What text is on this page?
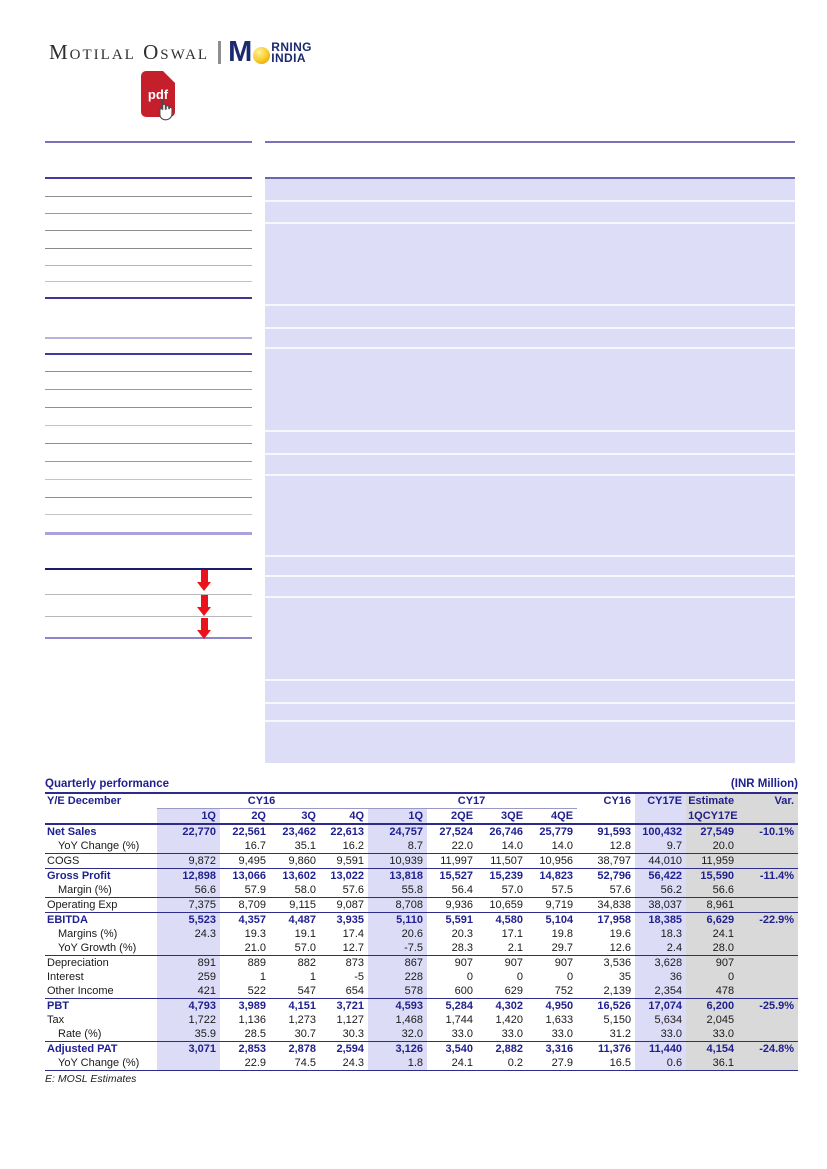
Motilal Oswal M RNING
INDIA
pdf
Quarterly performance	(INR Million)
Y/E December	CY16				CY17				CY16	CY17E	Estimate	Var.
	1Q	2Q	3Q	4Q	1Q	2QE	3QE	4QE			1QCY17E	
Net Sales	22,770	22,561	23,462	22,613	24,757	27,524	26,746	25,779	91,593	100,432	27,549	-10.1%
YoY Change (%)		16.7	35.1	16.2	8.7	22.0	14.0	14.0	12.8	9.7	20.0	
COGS	9,872	9,495	9,860	9,591	10,939	11,997	11,507	10,956	38,797	44,010	11,959	
Gross Profit	12,898	13,066	13,602	13,022	13,818	15,527	15,239	14,823	52,796	56,422	15,590	-11.4%
Margin (%)	56.6	57.9	58.0	57.6	55.8	56.4	57.0	57.5	57.6	56.2	56.6	
Operating Exp	7,375	8,709	9,115	9,087	8,708	9,936	10,659	9,719	34,838	38,037	8,961	
EBITDA	5,523	4,357	4,487	3,935	5,110	5,591	4,580	5,104	17,958	18,385	6,629	-22.9%
Margins (%)	24.3	19.3	19.1	17.4	20.6	20.3	17.1	19.8	19.6	18.3	24.1	
YoY Growth (%)		21.0	57.0	12.7	-7.5	28.3	2.1	29.7	12.6	2.4	28.0	
Depreciation	891	889	882	873	867	907	907	907	3,536	3,628	907	
Interest	259	1	1	-5	228	0	0	0	35	36	0	
Other Income	421	522	547	654	578	600	629	752	2,139	2,354	478	
PBT	4,793	3,989	4,151	3,721	4,593	5,284	4,302	4,950	16,526	17,074	6,200	-25.9%
Tax	1,722	1,136	1,273	1,127	1,468	1,744	1,420	1,633	5,150	5,634	2,045	
Rate (%)	35.9	28.5	30.7	30.3	32.0	33.0	33.0	33.0	31.2	33.0	33.0	
Adjusted PAT	3,071	2,853	2,878	2,594	3,126	3,540	2,882	3,316	11,376	11,440	4,154	-24.8%
YoY Change (%)		22.9	74.5	24.3	1.8	24.1	0.2	27.9	16.5	0.6	36.1	
E: MOSL Estimates
